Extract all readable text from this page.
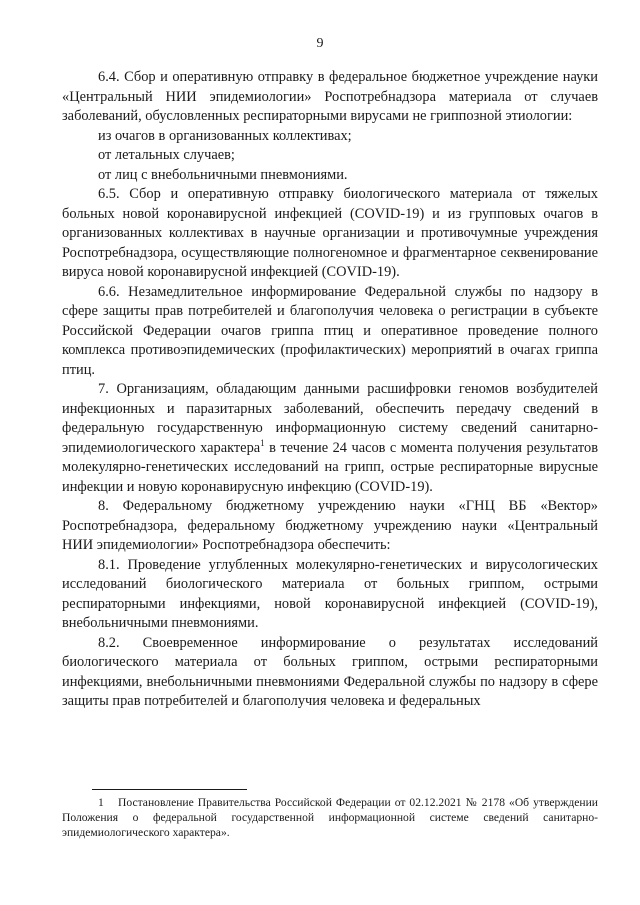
9

6.4. Сбор и оперативную отправку в федеральное бюджетное учреждение науки «Центральный НИИ эпидемиологии» Роспотребнадзора материала от случаев заболеваний, обусловленных респираторными вирусами не гриппозной этиологии:

из очагов в организованных коллективах;

от летальных случаев;

от лиц с внебольничными пневмониями.

6.5. Сбор и оперативную отправку биологического материала от тяжелых больных новой коронавирусной инфекцией (COVID-19) и из групповых очагов в организованных коллективах в научные организации и противочумные учреждения Роспотребнадзора, осуществляющие полногеномное и фрагментарное секвенирование вируса новой коронавирусной инфекцией (COVID-19).

6.6. Незамедлительное информирование Федеральной службы по надзору в сфере защиты прав потребителей и благополучия человека о регистрации в субъекте Российской Федерации очагов гриппа птиц и оперативное проведение полного комплекса противоэпидемических (профилактических) мероприятий в очагах гриппа птиц.

7. Организациям, обладающим данными расшифровки геномов возбудителей инфекционных и паразитарных заболеваний, обеспечить передачу сведений в федеральную государственную информационную систему сведений санитарно-эпидемиологического характера$^1$ в течение 24 часов с момента получения результатов молекулярно-генетических исследований на грипп, острые респираторные вирусные инфекции и новую коронавирусную инфекцию (COVID-19).

8. Федеральному бюджетному учреждению науки «ГНЦ ВБ «Вектор» Роспотребнадзора, федеральному бюджетному учреждению науки «Центральный НИИ эпидемиологии» Роспотребнадзора обеспечить:

8.1. Проведение углубленных молекулярно-генетических и вирусологических исследований биологического материала от больных гриппом, острыми респираторными инфекциями, новой коронавирусной инфекцией (COVID-19), внебольничными пневмониями.

8.2. Своевременное информирование о результатах исследований биологического материала от больных гриппом, острыми респираторными инфекциями, внебольничными пневмониями Федеральной службы по надзору в сфере защиты прав потребителей и благополучия человека и федеральных

1 Постановление Правительства Российской Федерации от 02.12.2021 № 2178 «Об утверждении Положения о федеральной государственной информационной системе сведений санитарно-эпидемиологического характера».
